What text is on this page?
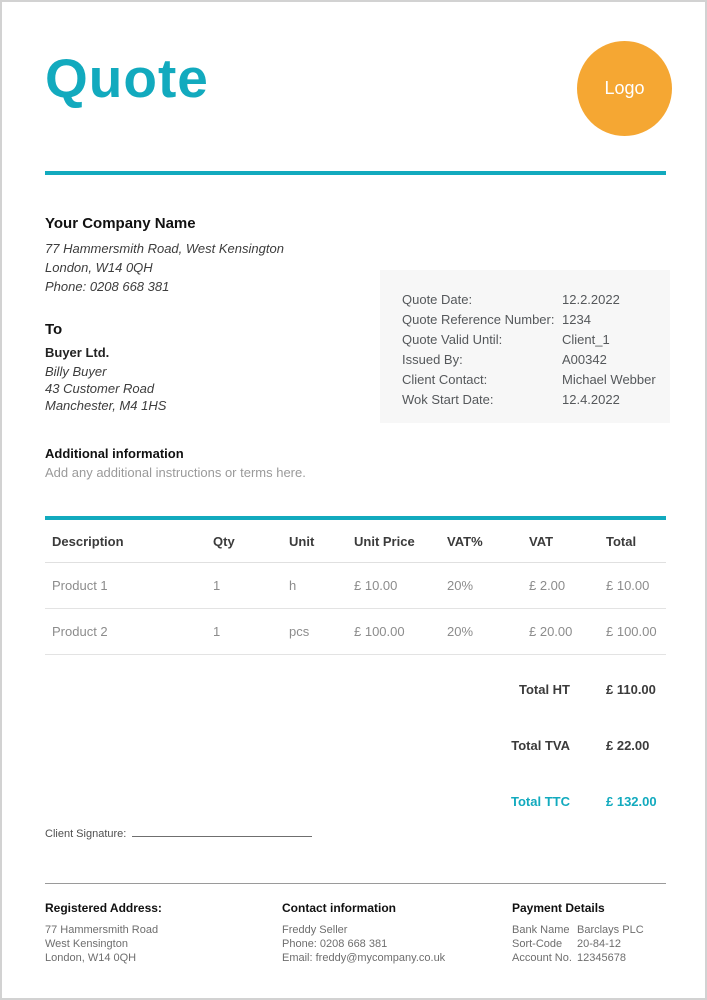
Quote	Logo
Your Company Name
77 Hammersmith Road, West Kensington
London, W14 0QH
Phone: 0208 668 381
To
Buyer Ltd.
Billy Buyer
43 Customer Road
Manchester, M4 1HS
Quote Date:	12.2.2022
Quote Reference Number: 1234
Quote Valid Until:	Client_1
Issued By:	A00342
Client Contact:	Michael Webber
Wok Start Date:	12.4.2022
Additional information
Add any additional instructions or terms here.
Description	Qty	Unit	Unit Price	VAT%	VAT	Total
Product 1	1	h	£ 10.00	20%	£ 2.00	£ 10.00
Product 2	1	pcs	£ 100.00	20%	£ 20.00	£ 100.00
Total HT	£ 110.00
Total TVA	£ 22.00
Total TTC	£ 132.00
Client Signature:
Registered Address:
77 Hammersmith Road
West Kensington
London, W14 0QH
Contact information
Freddy Seller
Phone: 0208 668 381
Email: freddy@mycompany.co.uk
Payment Details
Bank Name Barclays PLC
Sort-Code	20-84-12
Account No. 12345678
